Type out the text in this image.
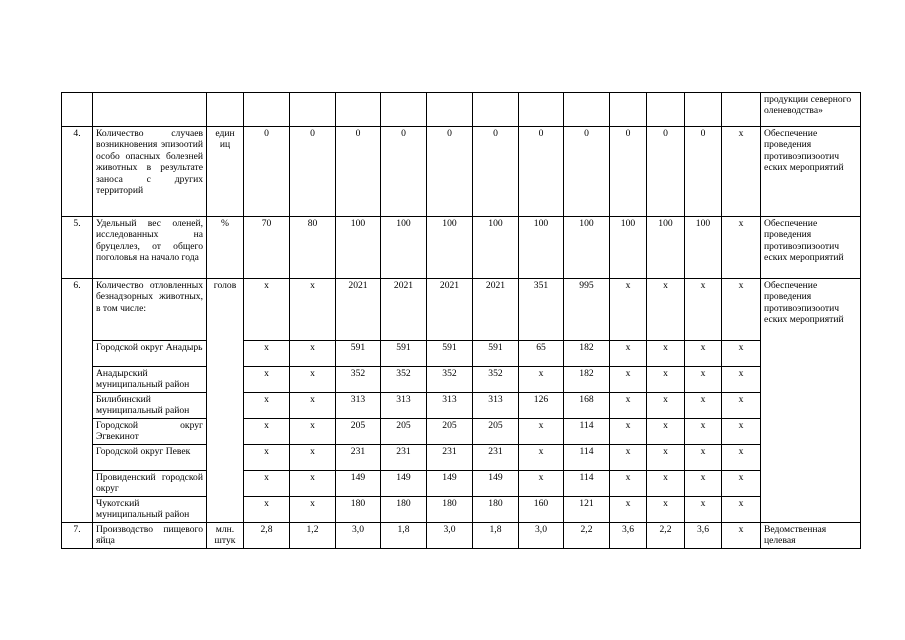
															продукции северного оленеводства»
4.	Количество случаев возникновения эпизоотий особо опасных болезней животных в результате заноса с других территорий	един иц	0	0	0	0	0	0	0	0	0	0	0	х	Обеспечение проведения противоэпизоотич еских мероприятий
5.	Удельный вес оленей, исследованных на бруцеллез, от общего поголовья на начало года	%	70	80	100	100	100	100	100	100	100	100	100	х	Обеспечение проведения противоэпизоотич еских мероприятий
6.	Количество отловленных безнадзорных животных, в том числе:	голов	х	х	2021	2021	2021	2021	351	995	х	х	х	х	Обеспечение проведения противоэпизоотич еских мероприятий
	Городской округ Анадырь		х	х	591	591	591	591	65	182	х	х	х	х	
	Анадырский муниципальный район		х	х	352	352	352	352	х	182	х	х	х	х	
	Билибинский муниципальный район		х	х	313	313	313	313	126	168	х	х	х	х	
	Городской округ Эгвекинот		х	х	205	205	205	205	х	114	х	х	х	х	
	Городской округ Певек		х	х	231	231	231	231	х	114	х	х	х	х	
	Провиденский городской округ		х	х	149	149	149	149	х	114	х	х	х	х	
	Чукотский муниципальный район		х	х	180	180	180	180	160	121	х	х	х	х	
7.	Производство пищевого яйца	млн. штук	2,8	1,2	3,0	1,8	3,0	1,8	3,0	2,2	3,6	2,2	3,6	х	Ведомственная целевая
